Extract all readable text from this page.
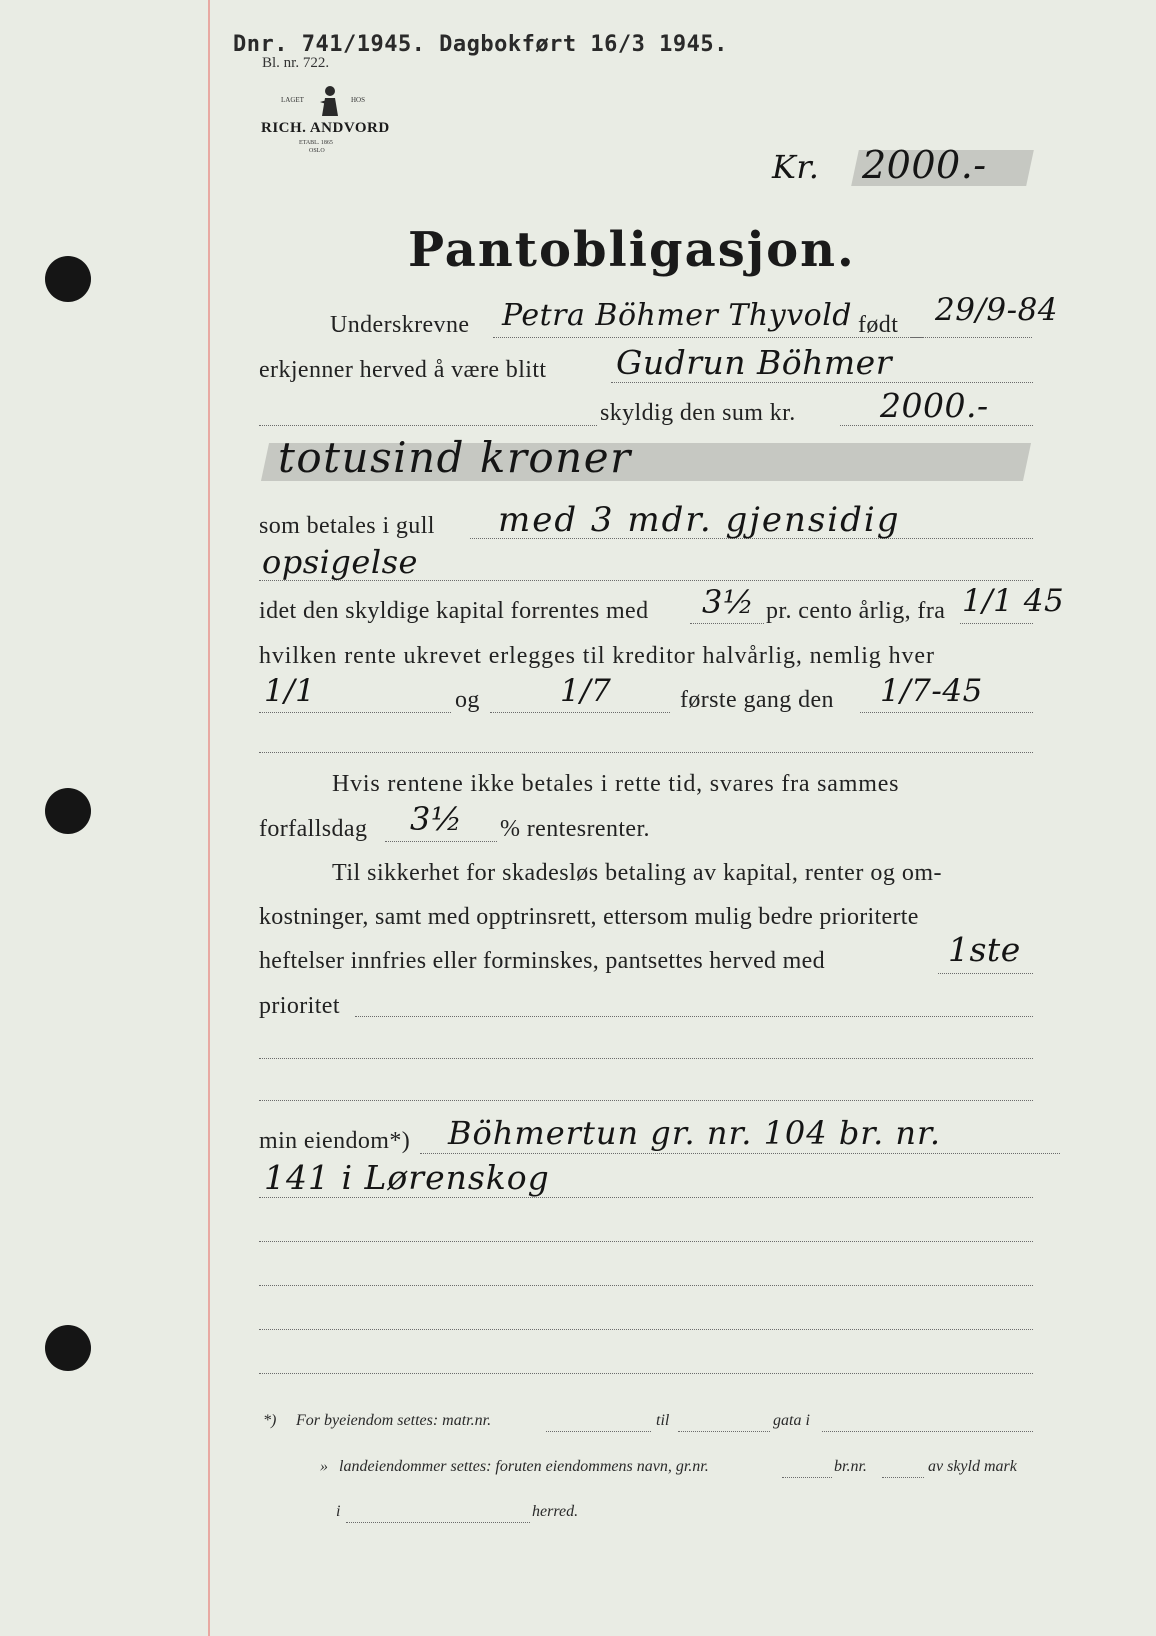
Dnr. 741/1945. Dagbokført 16/3 1945.
Bl. nr. 722.
LAGET	HOS
RICH. ANDVORD
ETABL. 1865
OSLO	Kr. 2000.-
Pantobligasjon.
Underskrevne Petra Böhmer Thyvold født 29/9-84
erkjenner herved å være blitt Gudrun Böhmer
skyldig den sum kr.	2000.-
totusind kroner
som betales i gull med 3 mdr. gjensidig
opsigelse
idet den skyldige kapital forrentes med 3½ pr. cento årlig, fra 1/1 45
hvilken rente ukrevet erlegges til kreditor halvårlig, nemlig hver
1/1	og	1/7	første gang den 1/7-45
Hvis rentene ikke betales i rette tid, svares fra sammes
forfallsdag 3½ % rentesrenter.
Til sikkerhet for skadesløs betaling av kapital, renter og om-
kostninger, samt med opptrinsrett, ettersom mulig bedre prioriterte
heftelser innfries eller forminskes, pantsettes herved med	1ste
prioritet
min eiendom*) Böhmertun gr. nr. 104 br. nr.
141 i Lørenskog
*) For byeiendom settes: matr.nr.	til	gata i
» landeiendommer settes: foruten eiendommens navn, gr.nr.	br.nr.	av skyld mark
i	herred.
